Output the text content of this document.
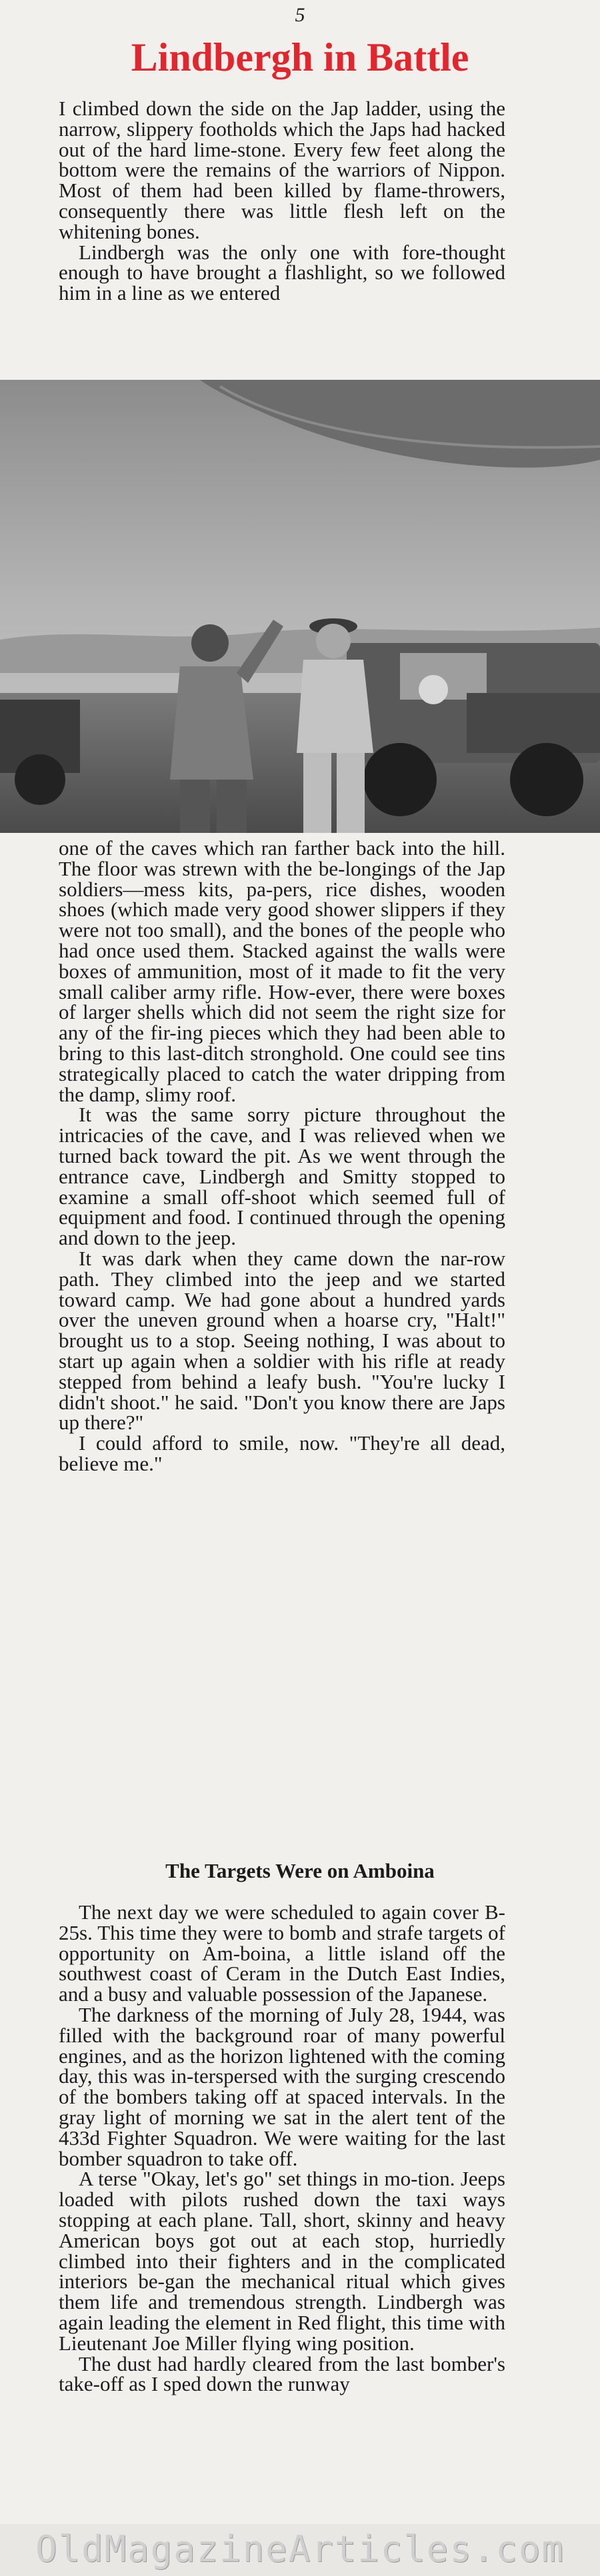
5
Lindbergh in Battle

I climbed down the side on the Jap ladder, using the narrow, slippery footholds which the Japs had hacked out of the hard lime-stone. Every few feet along the bottom were the remains of the warriors of Nippon. Most of them had been killed by flame-throwers, consequently there was little flesh left on the whitening bones.

Lindbergh was the only one with fore-thought enough to have brought a flashlight, so we followed him in a line as we entered

one of the caves which ran farther back into the hill. The floor was strewn with the be-longings of the Jap soldiers—mess kits, pa-pers, rice dishes, wooden shoes (which made very good shower slippers if they were not too small), and the bones of the people who had once used them. Stacked against the walls were boxes of ammunition, most of it made to fit the very small caliber army rifle. How-ever, there were boxes of larger shells which did not seem the right size for any of the fir-ing pieces which they had been able to bring to this last-ditch stronghold. One could see tins strategically placed to catch the water dripping from the damp, slimy roof.

It was the same sorry picture throughout the intricacies of the cave, and I was relieved when we turned back toward the pit. As we went through the entrance cave, Lindbergh and Smitty stopped to examine a small off-shoot which seemed full of equipment and food. I continued through the opening and down to the jeep.

It was dark when they came down the nar-row path. They climbed into the jeep and we started toward camp. We had gone about a hundred yards over the uneven ground when a hoarse cry, "Halt!" brought us to a stop. Seeing nothing, I was about to start up again when a soldier with his rifle at ready stepped from behind a leafy bush. "You're lucky I didn't shoot." he said. "Don't you know there are Japs up there?"

I could afford to smile, now. "They're all dead, believe me."

The Targets Were on Amboina

The next day we were scheduled to again cover B-25s. This time they were to bomb and strafe targets of opportunity on Am-boina, a little island off the southwest coast of Ceram in the Dutch East Indies, and a busy and valuable possession of the Japanese.

The darkness of the morning of July 28, 1944, was filled with the background roar of many powerful engines, and as the horizon lightened with the coming day, this was in-terspersed with the surging crescendo of the bombers taking off at spaced intervals. In the gray light of morning we sat in the alert tent of the 433d Fighter Squadron. We were waiting for the last bomber squadron to take off.

A terse "Okay, let's go" set things in mo-tion. Jeeps loaded with pilots rushed down the taxi ways stopping at each plane. Tall, short, skinny and heavy American boys got out at each stop, hurriedly climbed into their fighters and in the complicated interiors be-gan the mechanical ritual which gives them life and tremendous strength. Lindbergh was again leading the element in Red flight, this time with Lieutenant Joe Miller flying wing position.

The dust had hardly cleared from the last bomber's take-off as I sped down the runway

OldMagazineArticles.com
